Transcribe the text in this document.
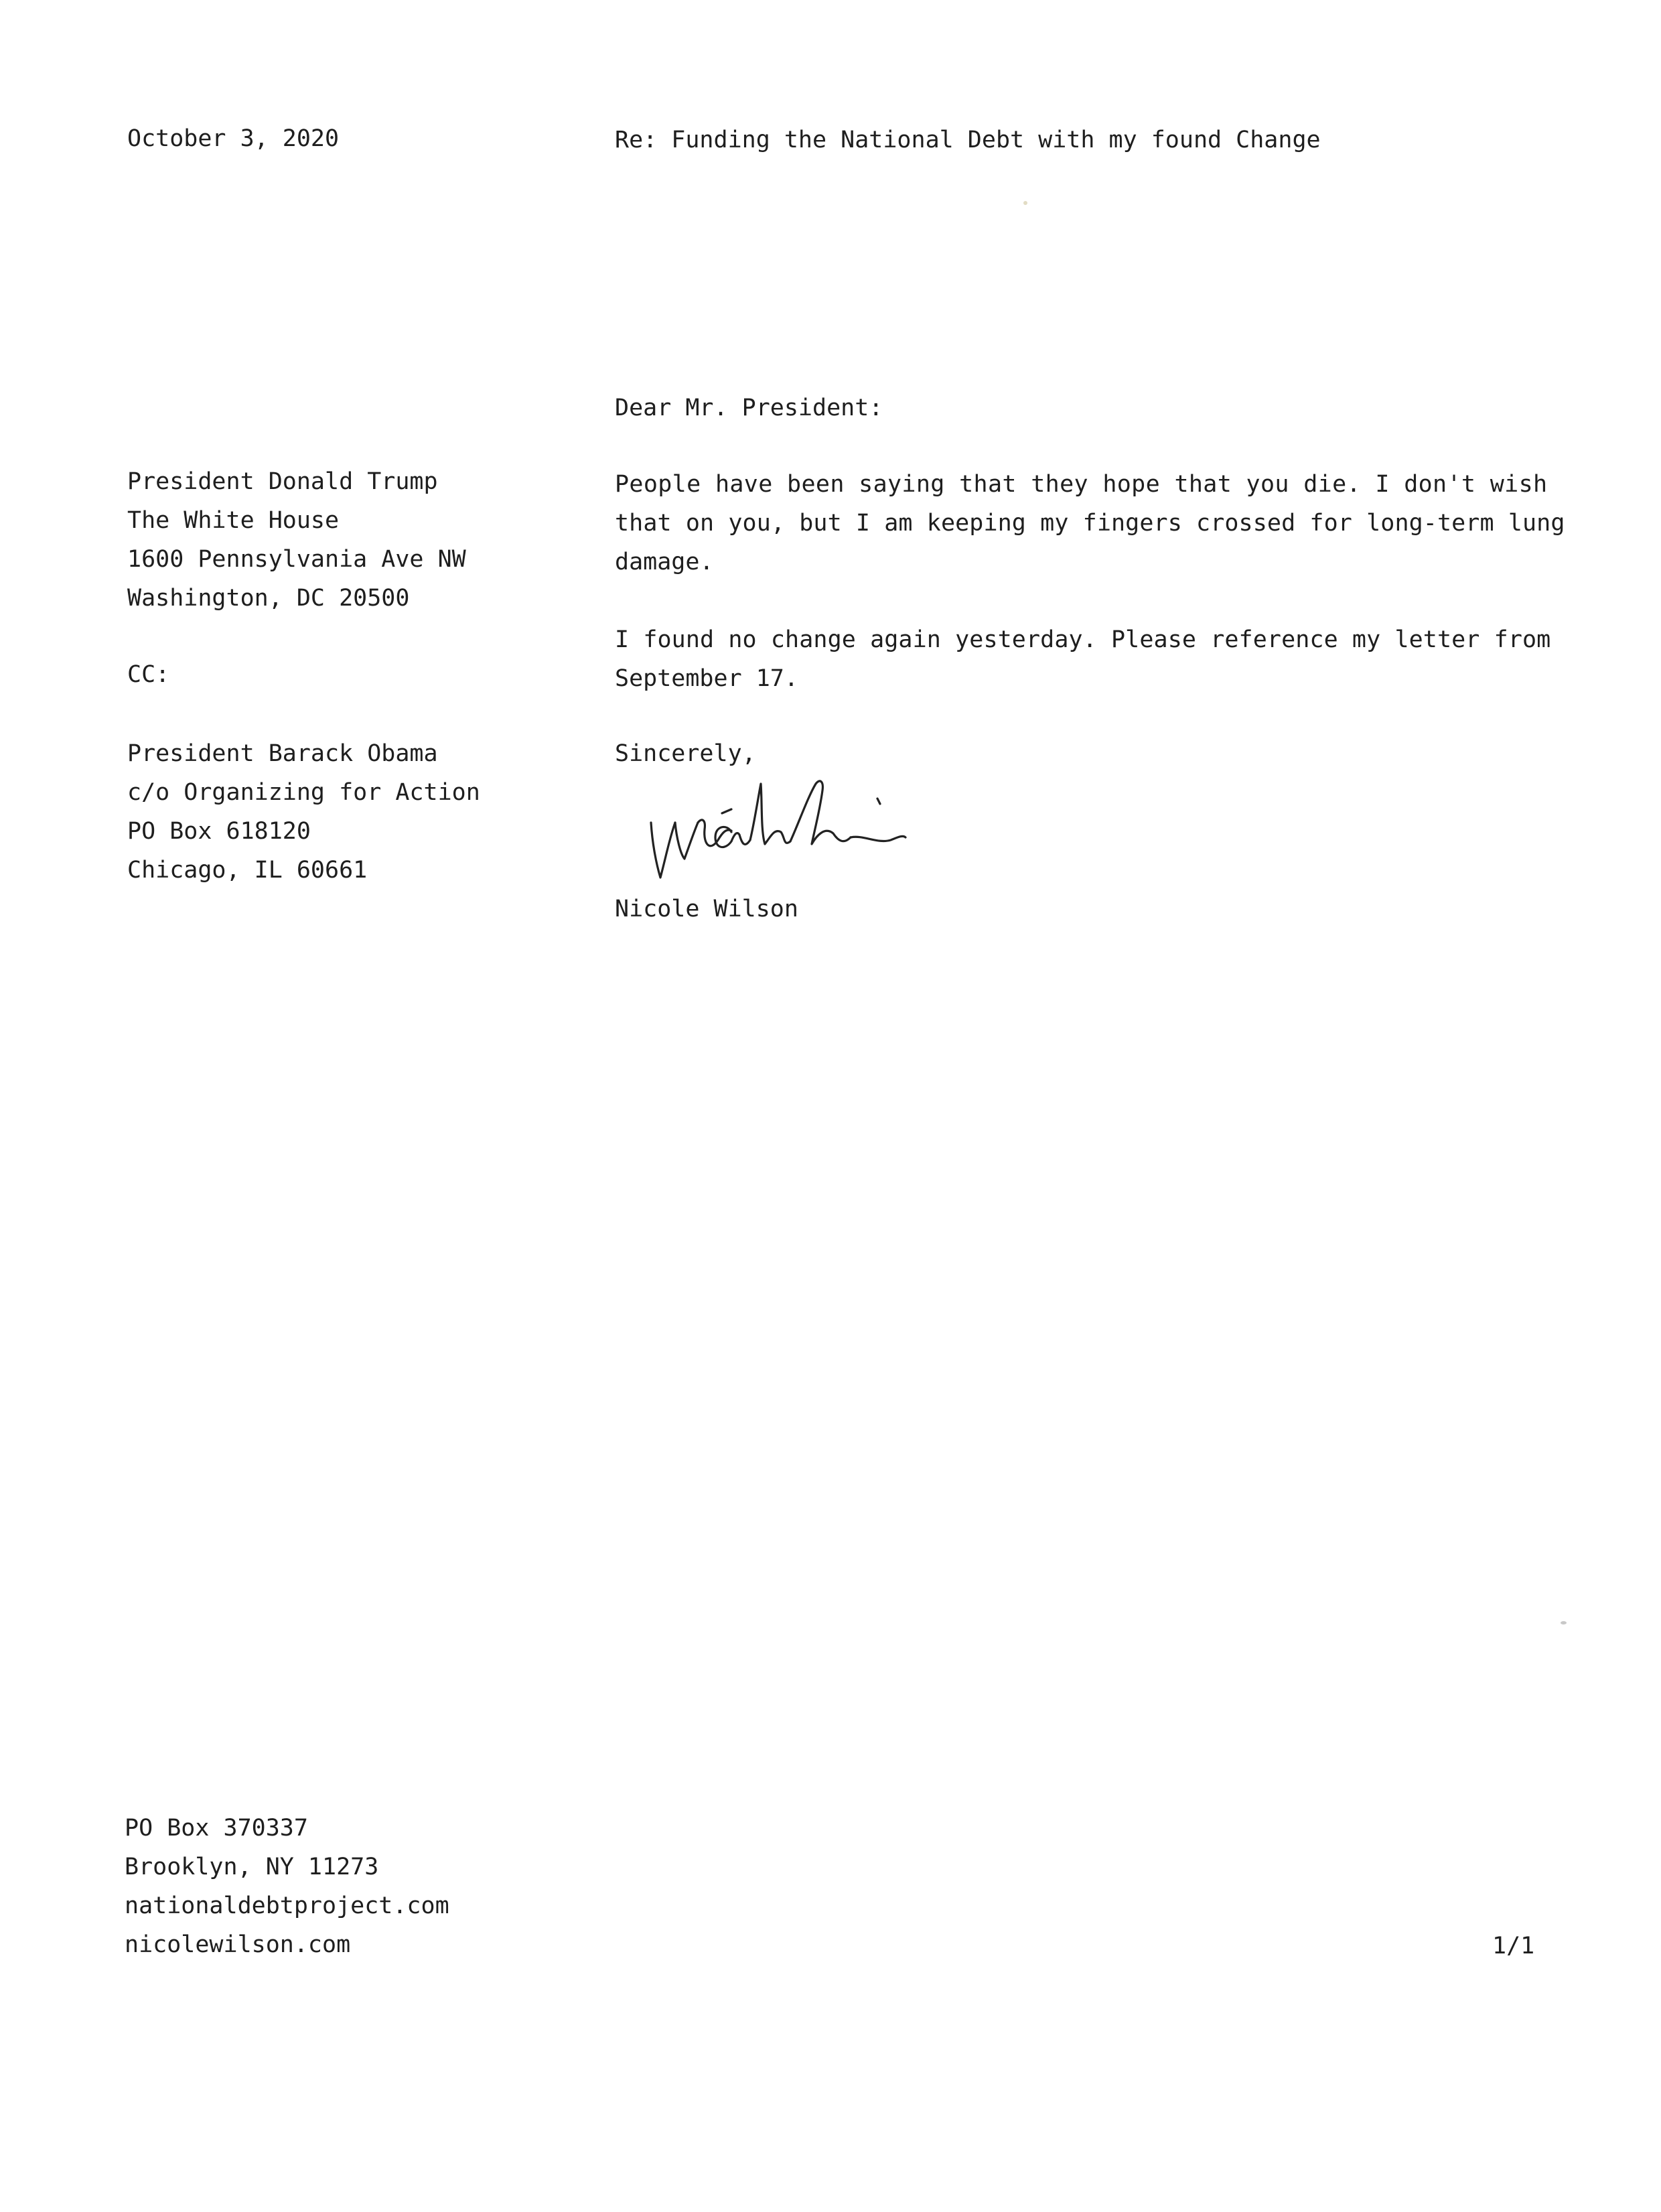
October 3, 2020	Re: Funding the National Debt with my found Change
Dear Mr. President:
President Donald Trump
The White House
1600 Pennsylvania Ave NW
Washington, DC 20500
CC:
President Barack Obama
c/o Organizing for Action
PO Box 618120
Chicago, IL 60661
People have been saying that they hope that you die. I don't wish
that on you, but I am keeping my fingers crossed for long-term lung
damage.
I found no change again yesterday. Please reference my letter from
September 17.
Sincerely,
Nicole Wilson
PO Box 370337
Brooklyn, NY 11273
nationaldebtproject.com
nicolewilson.com	1/1
